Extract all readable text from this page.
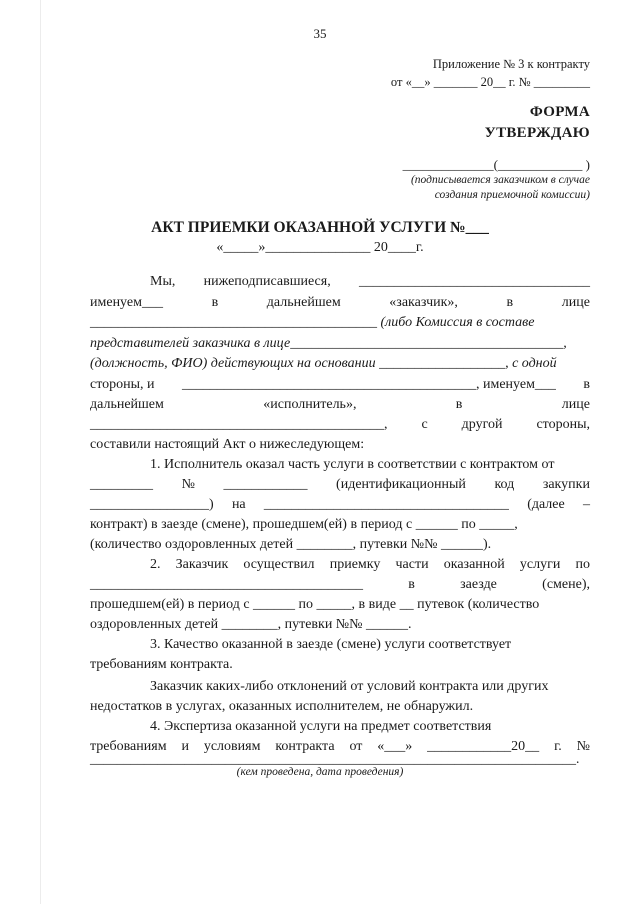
35
Приложение № 3 к контракту
от «__» _______ 20__ г. № _________
ФОРМА
УТВЕРЖДАЮ
______________(_____________ )
(подписывается заказчиком в случае
создания приемочной комиссии)
АКТ ПРИЕМКИ ОКАЗАННОЙ УСЛУГИ №___
«_____»_______________ 20____г.
Мы, нижеподписавшиеся, _________________________________
именуем___	в	дальнейшем	«заказчик»,	в	лице
_________________________________________ (либо Комиссия в составе
представителей заказчика в лице_______________________________________,
(должность, ФИО) действующих на основании __________________, с одной
стороны, и __________________________________________, именуем___ в
дальнейшем	«исполнитель»,	в	лице
__________________________________________, с другой стороны,
составили настоящий Акт о нижеследующем:
1. Исполнитель оказал часть услуги в соответствии с контрактом от
_________ № ____________ (идентификационный код закупки
_________________) на ___________________________________ (далее –
контракт) в заезде (смене), прошедшем(ей) в период с ______ по _____,
(количество оздоровленных детей ________, путевки №№ ______).
2. Заказчик осуществил приемку части оказанной услуги по
_______________________________________	в	заезде	(смене),
прошедшем(ей) в период с ______ по _____, в виде __ путевок (количество
оздоровленных детей ________, путевки №№ ______.
3. Качество оказанной в заезде (смене) услуги соответствует
требованиям контракта.
Заказчик каких-либо отклонений от условий контракта или других
недостатков в услугах, оказанных исполнителем, не обнаружил.
4. Экспертиза оказанной услуги на предмет соответствия
требованиям и условиям контракта от «___» ____________20__ г. №
________________________________________________________________________.
(кем проведена, дата проведения)
